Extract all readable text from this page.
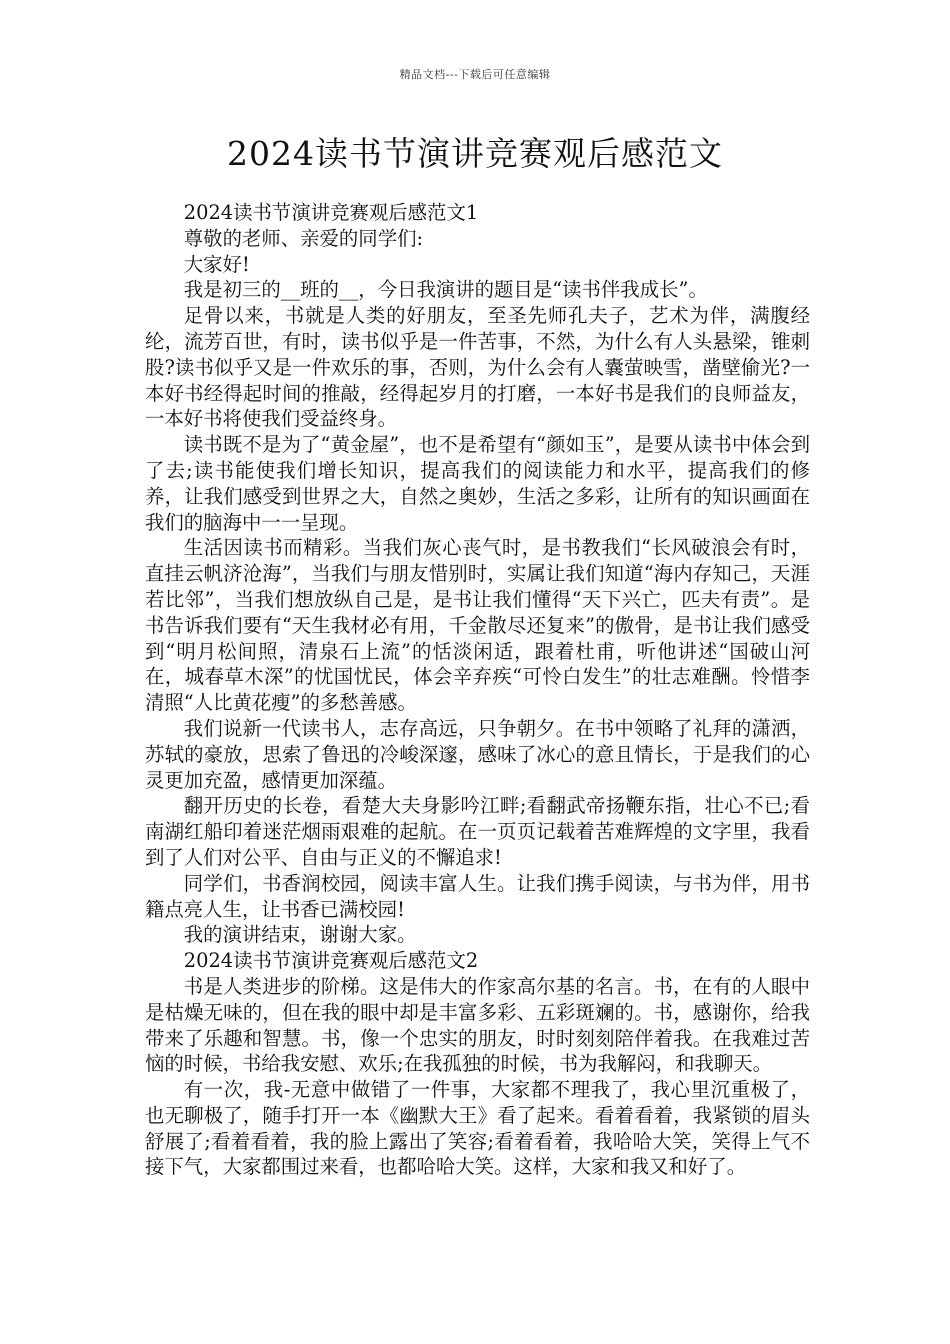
精品文档---下载后可任意编辑
2024读书节演讲竞赛观后感范文

2024读书节演讲竞赛观后感范文1

尊敬的老师、亲爱的同学们:

大家好!

我是初三的__班的__，今日我演讲的题目是“读书伴我成长”。

足骨以来，书就是人类的好朋友，至圣先师孔夫子，艺术为伴，满腹经纶，流芳百世，有时，读书似乎是一件苦事，不然，为什么有人头悬梁，锥刺股?读书似乎又是一件欢乐的事，否则，为什么会有人囊萤映雪，凿壁偷光?一本好书经得起时间的推敲，经得起岁月的打磨，一本好书是我们的良师益友，一本好书将使我们受益终身。

读书既不是为了“黄金屋”，也不是希望有“颜如玉”，是要从读书中体会到了去;读书能使我们增长知识，提高我们的阅读能力和水平，提高我们的修养，让我们感受到世界之大，自然之奥妙，生活之多彩，让所有的知识画面在我们的脑海中一一呈现。

生活因读书而精彩。当我们灰心丧气时，是书教我们“长风破浪会有时，直挂云帆济沧海”，当我们与朋友惜别时，实属让我们知道“海内存知己，天涯若比邻”，当我们想放纵自己是，是书让我们懂得“天下兴亡，匹夫有责”。是书告诉我们要有“天生我材必有用，千金散尽还复来”的傲骨，是书让我们感受到“明月松间照，清泉石上流”的恬淡闲适，跟着杜甫，听他讲述“国破山河在，城春草木深”的忧国忧民，体会辛弃疾“可怜白发生”的壮志难酬。怜惜李清照“人比黄花瘦”的多愁善感。

我们说新一代读书人，志存高远，只争朝夕。在书中领略了礼拜的潇洒，苏轼的豪放，思索了鲁迅的冷峻深邃，感味了冰心的意且情长，于是我们的心灵更加充盈，感情更加深蕴。

翻开历史的长卷，看楚大夫身影吟江畔;看翻武帝扬鞭东指，壮心不已;看南湖红船印着迷茫烟雨艰难的起航。在一页页记载着苦难辉煌的文字里，我看到了人们对公平、自由与正义的不懈追求!

同学们，书香润校园，阅读丰富人生。让我们携手阅读，与书为伴，用书籍点亮人生，让书香已满校园!

我的演讲结束，谢谢大家。

2024读书节演讲竞赛观后感范文2

书是人类进步的阶梯。这是伟大的作家高尔基的名言。书，在有的人眼中是枯燥无味的，但在我的眼中却是丰富多彩、五彩斑斓的。书，感谢你，给我带来了乐趣和智慧。书，像一个忠实的朋友，时时刻刻陪伴着我。在我难过苦恼的时候，书给我安慰、欢乐;在我孤独的时候，书为我解闷，和我聊天。

有一次，我-无意中做错了一件事，大家都不理我了，我心里沉重极了，也无聊极了，随手打开一本《幽默大王》看了起来。看着看着，我紧锁的眉头舒展了;看着看着，我的脸上露出了笑容;看着看着，我哈哈大笑，笑得上气不接下气，大家都围过来看，也都哈哈大笑。这样，大家和我又和好了。
